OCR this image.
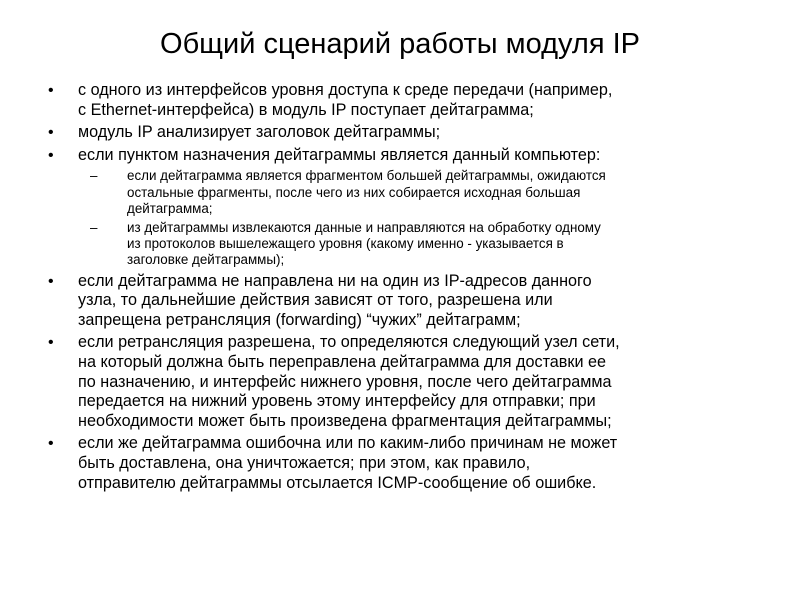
Общий сценарий работы модуля IP
• с одного из интерфейсов уровня доступа к среде передачи (например,
с Ethernet-интерфейса) в модуль IP поступает дейтаграмма;
• модуль IP анализирует заголовок дейтаграммы;
• если пунктом назначения дейтаграммы является данный компьютер:
– если дейтаграмма является фрагментом большей дейтаграммы, ожидаются
остальные фрагменты, после чего из них собирается исходная большая
дейтаграмма;
– из дейтаграммы извлекаются данные и направляются на обработку одному
из протоколов вышележащего уровня (какому именно - указывается в
заголовке дейтаграммы);
• если дейтаграмма не направлена ни на один из IP-адресов данного
узла, то дальнейшие действия зависят от того, разрешена или
запрещена ретрансляция (forwarding) “чужих” дейтаграмм;
• если ретрансляция разрешена, то определяются следующий узел сети,
на который должна быть переправлена дейтаграмма для доставки ее
по назначению, и интерфейс нижнего уровня, после чего дейтаграмма
передается на нижний уровень этому интерфейсу для отправки; при
необходимости может быть произведена фрагментация дейтаграммы;
• если же дейтаграмма ошибочна или по каким-либо причинам не может
быть доставлена, она уничтожается; при этом, как правило,
отправителю дейтаграммы отсылается ICMP-сообщение об ошибке.
